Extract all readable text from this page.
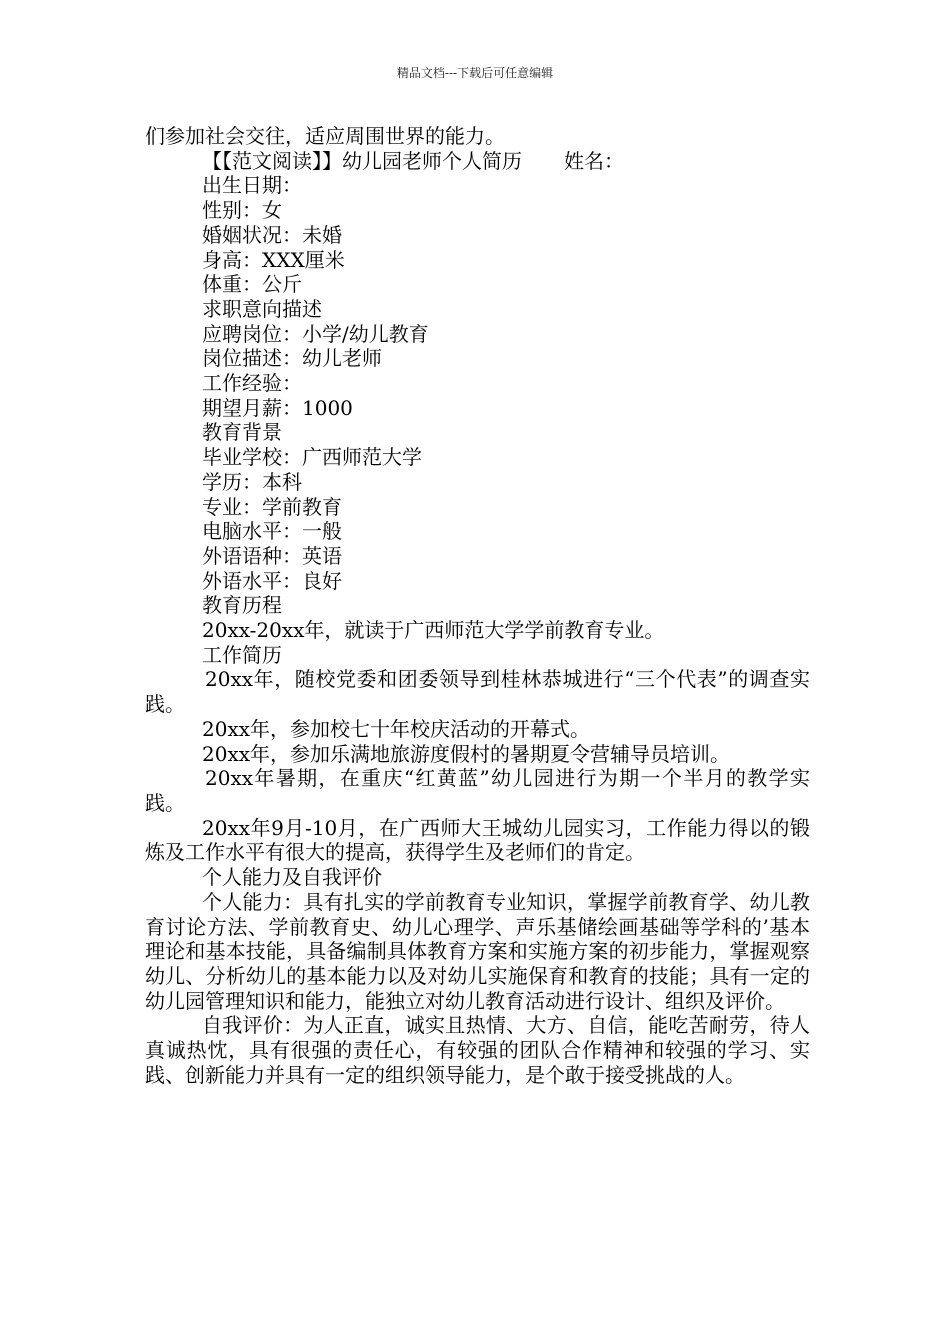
精品文档---下载后可任意编辑

们参加社会交往，适应周围世界的能力。

【【范文阅读】】幼儿园老师个人简历 姓名：

出生日期：

性别：女

婚姻状况：未婚

身高：XXX厘米

体重：公斤

求职意向描述

应聘岗位：小学/幼儿教育

岗位描述：幼儿老师

工作经验：

期望月薪：1000

教育背景

毕业学校：广西师范大学

学历：本科

专业：学前教育

电脑水平：一般

外语语种：英语

外语水平：良好

教育历程

20xx-20xx年，就读于广西师范大学学前教育专业。

工作简历

20xx年，随校党委和团委领导到桂林恭城进行“三个代表”的调查实践。

20xx年，参加校七十年校庆活动的开幕式。

20xx年，参加乐满地旅游度假村的暑期夏令营辅导员培训。

20xx年暑期，在重庆“红黄蓝”幼儿园进行为期一个半月的教学实践。

20xx年9月-10月，在广西师大王城幼儿园实习，工作能力得以的锻炼及工作水平有很大的提高，获得学生及老师们的肯定。

个人能力及自我评价

个人能力：具有扎实的学前教育专业知识，掌握学前教育学、幼儿教育讨论方法、学前教育史、幼儿心理学、声乐基储绘画基础等学科的’基本理论和基本技能，具备编制具体教育方案和实施方案的初步能力，掌握观察幼儿、分析幼儿的基本能力以及对幼儿实施保育和教育的技能；具有一定的幼儿园管理知识和能力，能独立对幼儿教育活动进行设计、组织及评价。

自我评价：为人正直，诚实且热情、大方、自信，能吃苦耐劳，待人真诚热忱，具有很强的责任心，有较强的团队合作精神和较强的学习、实践、创新能力并具有一定的组织领导能力，是个敢于接受挑战的人。
